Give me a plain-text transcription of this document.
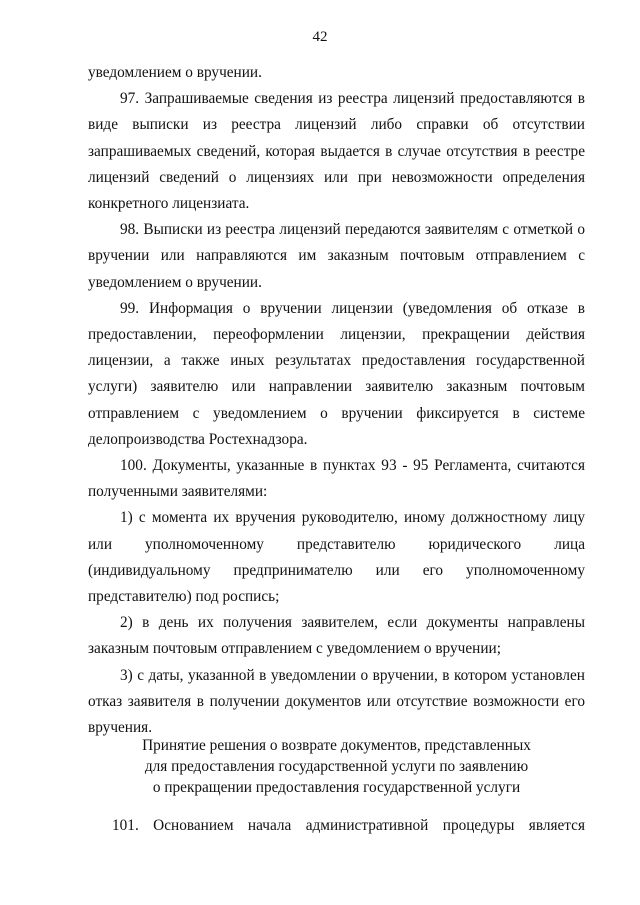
42

уведомлением о вручении.

97. Запрашиваемые сведения из реестра лицензий предоставляются в виде выписки из реестра лицензий либо справки об отсутствии запрашиваемых сведений, которая выдается в случае отсутствия в реестре лицензий сведений о лицензиях или при невозможности определения конкретного лицензиата.

98. Выписки из реестра лицензий передаются заявителям с отметкой о вручении или направляются им заказным почтовым отправлением с уведомлением о вручении.

99. Информация о вручении лицензии (уведомления об отказе в предоставлении, переоформлении лицензии, прекращении действия лицензии, а также иных результатах предоставления государственной услуги) заявителю или направлении заявителю заказным почтовым отправлением с уведомлением о вручении фиксируется в системе делопроизводства Ростехнадзора.

100. Документы, указанные в пунктах 93 - 95 Регламента, считаются полученными заявителями:

1) с момента их вручения руководителю, иному должностному лицу или уполномоченному представителю юридического лица (индивидуальному предпринимателю или его уполномоченному представителю) под роспись;

2) в день их получения заявителем, если документы направлены заказным почтовым отправлением с уведомлением о вручении;

3) с даты, указанной в уведомлении о вручении, в котором установлен отказ заявителя в получении документов или отсутствие возможности его вручения.

Принятие решения о возврате документов, представленных
для предоставления государственной услуги по заявлению
о прекращении предоставления государственной услуги
101. Основанием начала административной процедуры является
